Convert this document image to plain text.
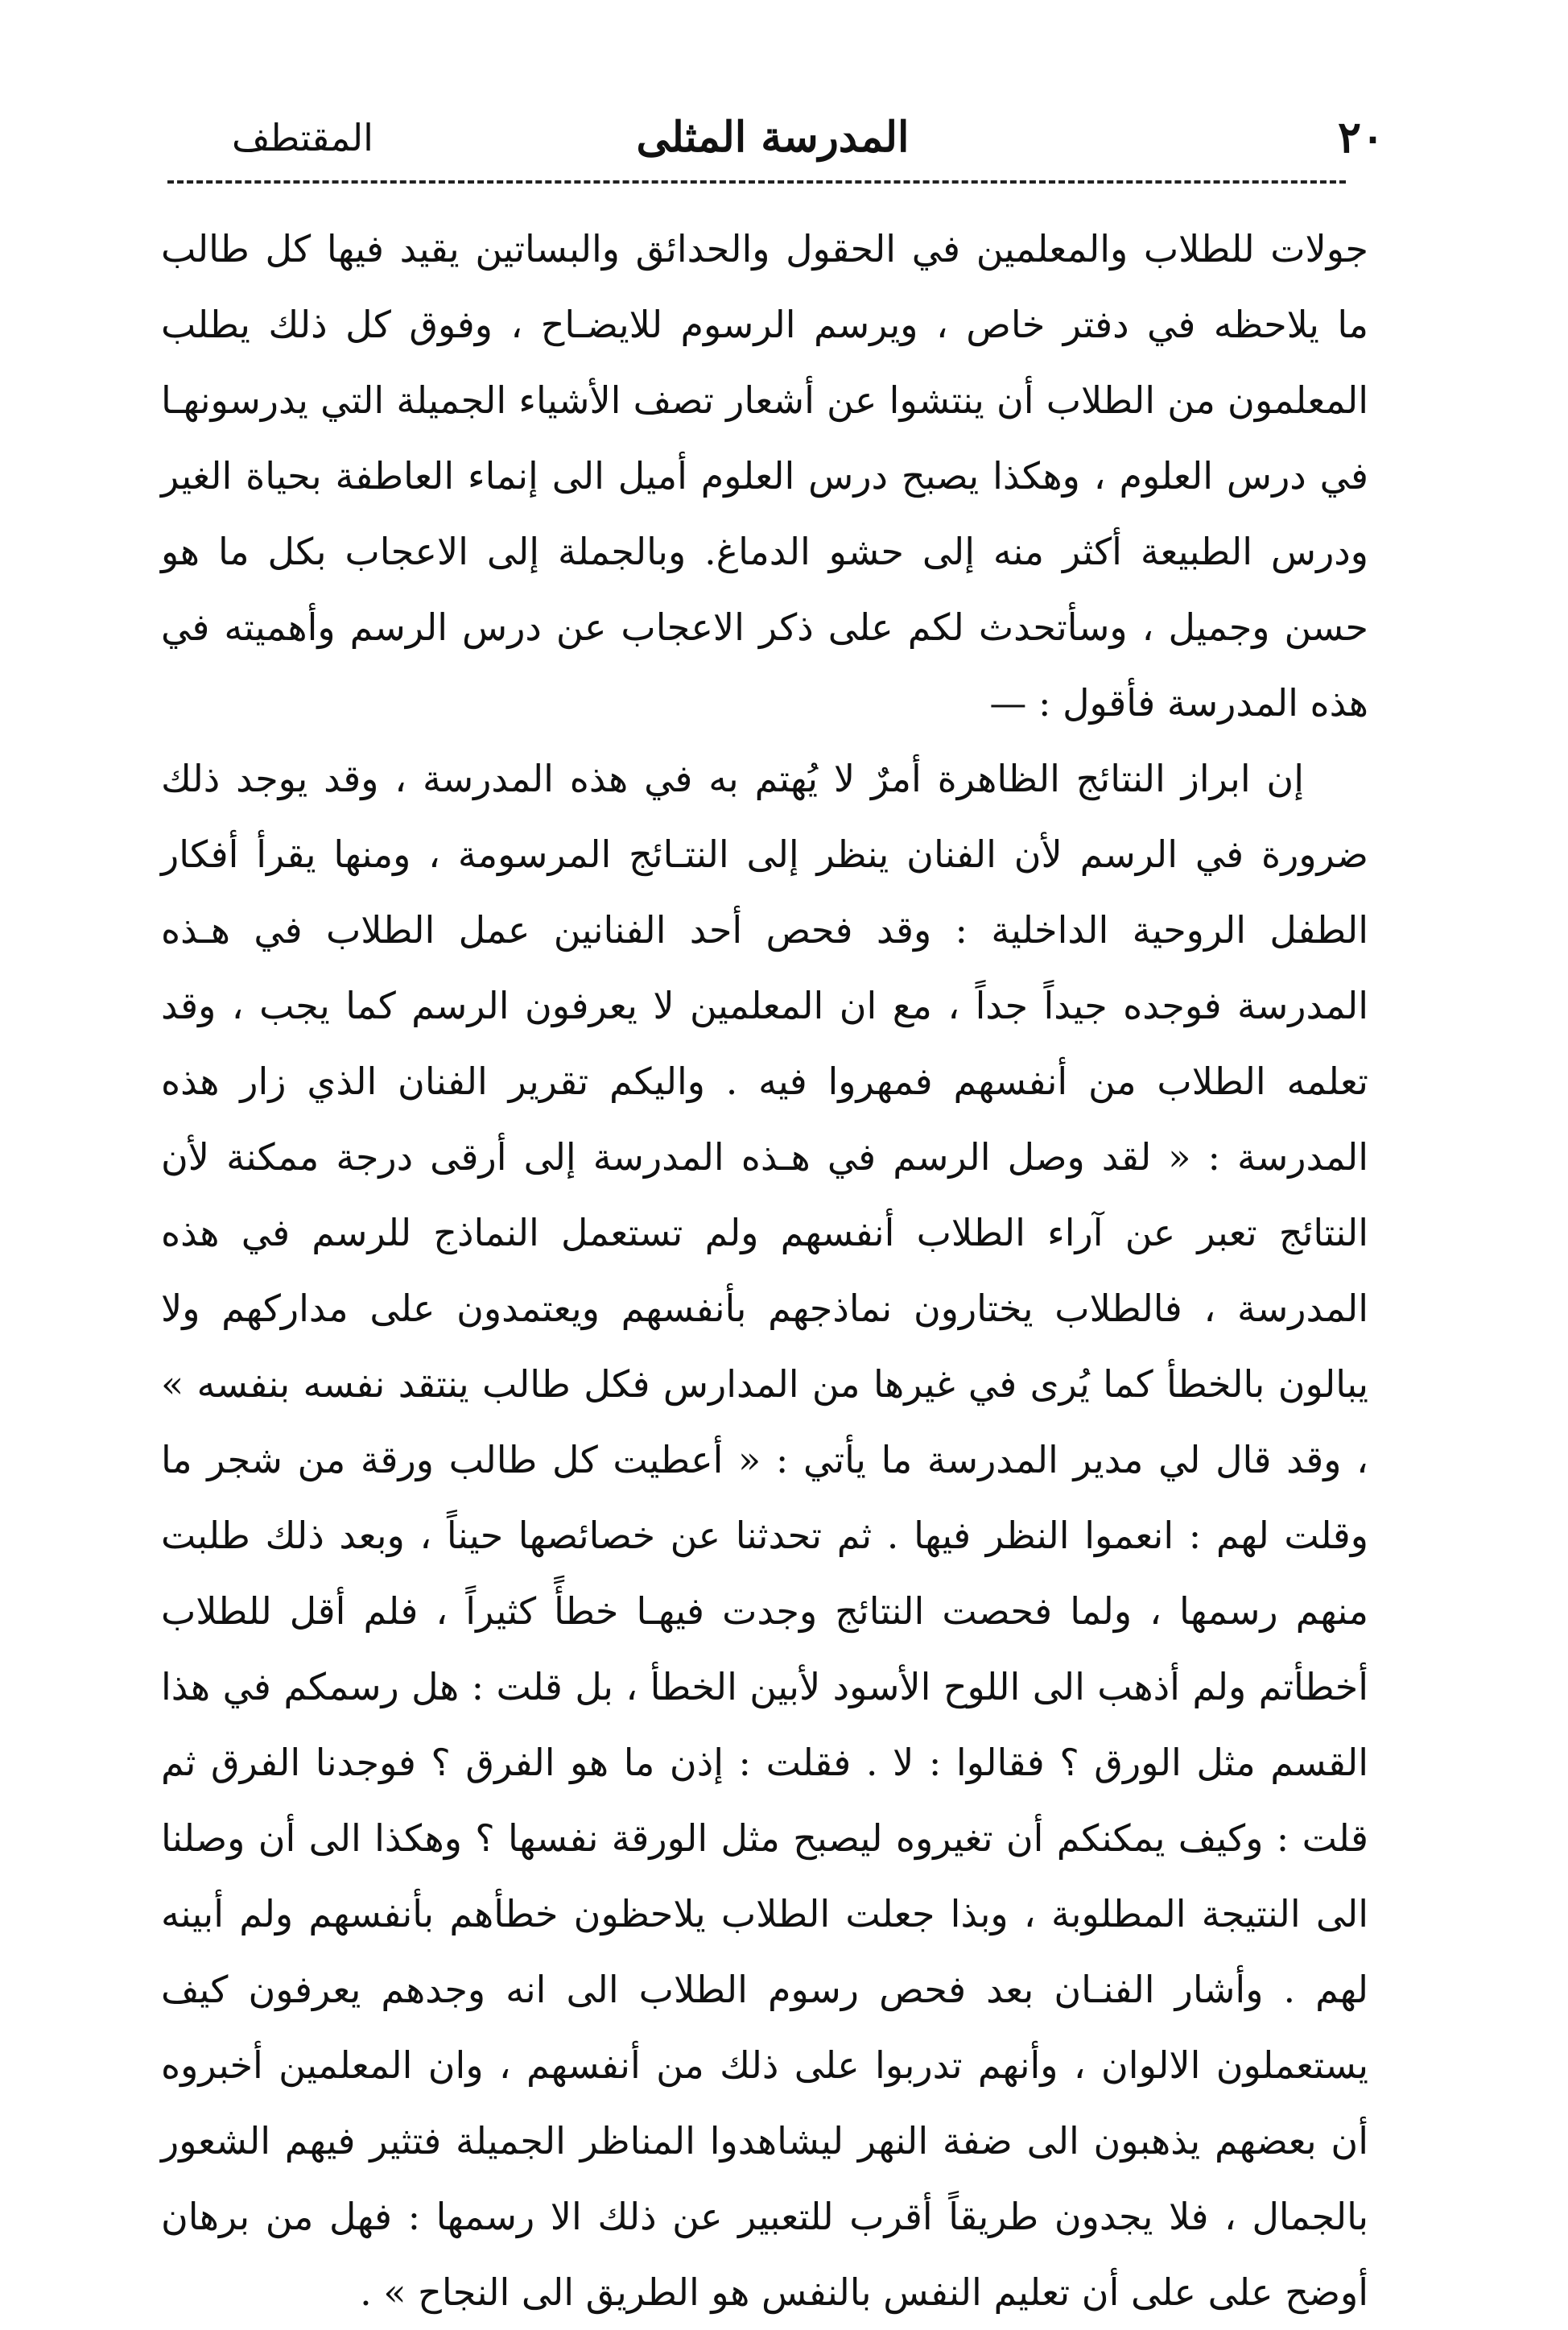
٢٠
المدرسة المثلى
المقتطف

جولات للطلاب والمعلمين في الحقول والحدائق والبساتين يقيد فيها كل طالب ما يلاحظه في دفتر خاص ، ويرسم الرسوم للايضـاح ، وفوق كل ذلك يطلب المعلمون من الطلاب أن ينتشوا عن أشعار تصف الأشياء الجميلة التي يدرسونهـا في درس العلوم ، وهكذا يصبح درس العلوم أميل الى إنماء العاطفة بحياة الغير ودرس الطبيعة أكثر منه إلى حشو الدماغ. وبالجملة إلى الاعجاب بكل ما هو حسن وجميل ، وسأتحدث لكم على ذكر الاعجاب عن درس الرسم وأهميته في هذه المدرسة فأقول : —

إن ابراز النتائج الظاهرة أمرٌ لا يُهتم به في هذه المدرسة ، وقد يوجد ذلك ضرورة في الرسم لأن الفنان ينظر إلى النتـائج المرسومة ، ومنها يقرأ أفكار الطفل الروحية الداخلية : وقد فحص أحد الفنانين عمل الطلاب في هـذه المدرسة فوجده جيداً جداً ، مع ان المعلمين لا يعرفون الرسم كما يجب ، وقد تعلمه الطلاب من أنفسهم فمهروا فيه . واليكم تقرير الفنان الذي زار هذه المدرسة : « لقد وصل الرسم في هـذه المدرسة إلى أرقى درجة ممكنة لأن النتائج تعبر عن آراء الطلاب أنفسهم ولم تستعمل النماذج للرسم في هذه المدرسة ، فالطلاب يختارون نماذجهم بأنفسهم ويعتمدون على مداركهم ولا يبالون بالخطأ كما يُرى في غيرها من المدارس فكل طالب ينتقد نفسه بنفسه » ، وقد قال لي مدير المدرسة ما يأتي : « أعطيت كل طالب ورقة من شجر ما وقلت لهم : انعموا النظر فيها . ثم تحدثنا عن خصائصها حيناً ، وبعد ذلك طلبت منهم رسمها ، ولما فحصت النتائج وجدت فيهـا خطأً كثيراً ، فلم أقل للطلاب أخطأتم ولم أذهب الى اللوح الأسود لأبين الخطأ ، بل قلت : هل رسمكم في هذا القسم مثل الورق ؟ فقالوا : لا . فقلت : إذن ما هو الفرق ؟ فوجدنا الفرق ثم قلت : وكيف يمكنكم أن تغيروه ليصبح مثل الورقة نفسها ؟ وهكذا الى أن وصلنا الى النتيجة المطلوبة ، وبذا جعلت الطلاب يلاحظون خطأهم بأنفسهم ولم أبينه لهم . وأشار الفنـان بعد فحص رسوم الطلاب الى انه وجدهم يعرفون كيف يستعملون الالوان ، وأنهم تدربوا على ذلك من أنفسهم ، وان المعلمين أخبروه أن بعضهم يذهبون الى ضفة النهر ليشاهدوا المناظر الجميلة فتثير فيهم الشعور بالجمال ، فلا يجدون طريقاً أقرب للتعبير عن ذلك الا رسمها : فهل من برهان أوضح على على أن تعليم النفس بالنفس هو الطريق الى النجاح » .
